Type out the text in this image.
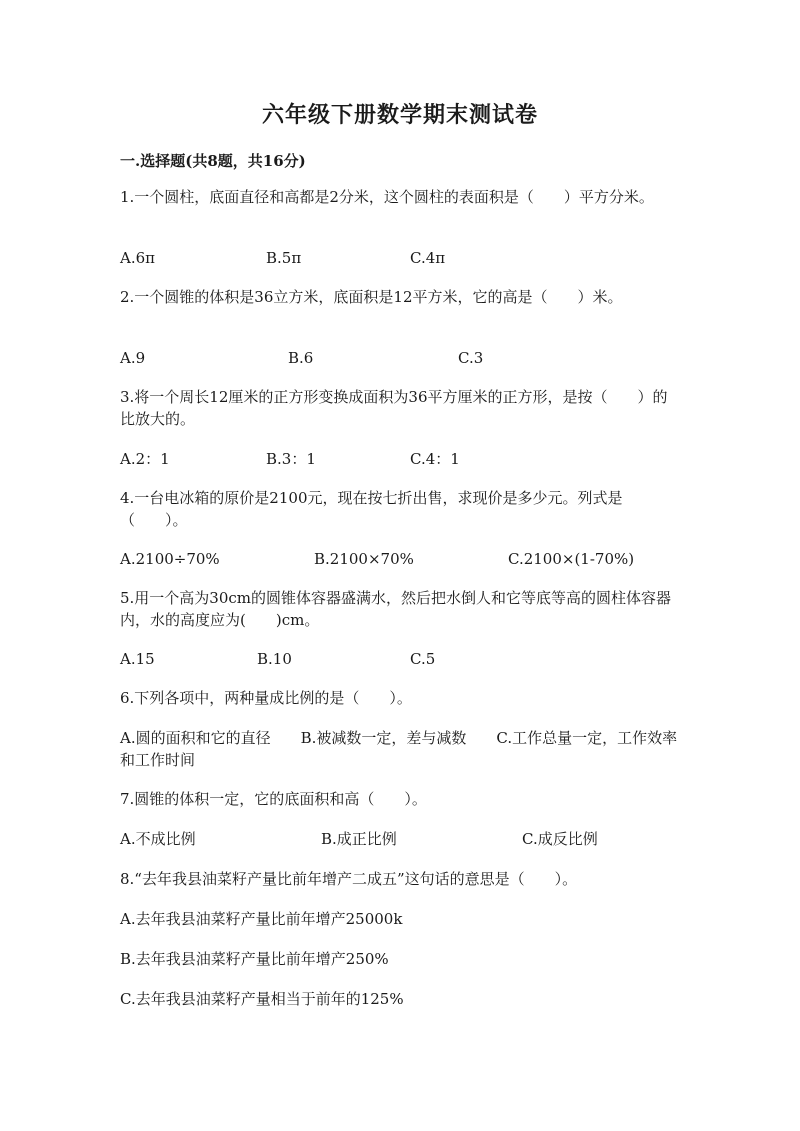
六年级下册数学期末测试卷
一.选择题(共8题，共16分)
1.一个圆柱，底面直径和高都是2分米，这个圆柱的表面积是（　　）平方分米。
A.6π	B.5π	C.4π
2.一个圆锥的体积是36立方米，底面积是12平方米，它的高是（　　）米。
A.9	B.6	C.3
3.将一个周长12厘米的正方形变换成面积为36平方厘米的正方形，是按（　　）的比放大的。
A.2：1	B.3：1	C.4：1
4.一台电冰箱的原价是2100元，现在按七折出售，求现价是多少元。列式是（　　）。
A.2100÷70%	B.2100×70%	C.2100×(1-70%)
5.用一个高为30cm的圆锥体容器盛满水，然后把水倒人和它等底等高的圆柱体容器内，水的高度应为(　　)cm。
A.15	B.10	C.5
6.下列各项中，两种量成比例的是（　　）。
A.圆的面积和它的直径　　B.被减数一定，差与减数　　C.工作总量一定，工作效率和工作时间
7.圆锥的体积一定，它的底面积和高（　　）。
A.不成比例	B.成正比例	C.成反比例
8.“去年我县油菜籽产量比前年增产二成五”这句话的意思是（　　）。
A.去年我县油菜籽产量比前年增产25000k
B.去年我县油菜籽产量比前年增产250%
C.去年我县油菜籽产量相当于前年的125%
